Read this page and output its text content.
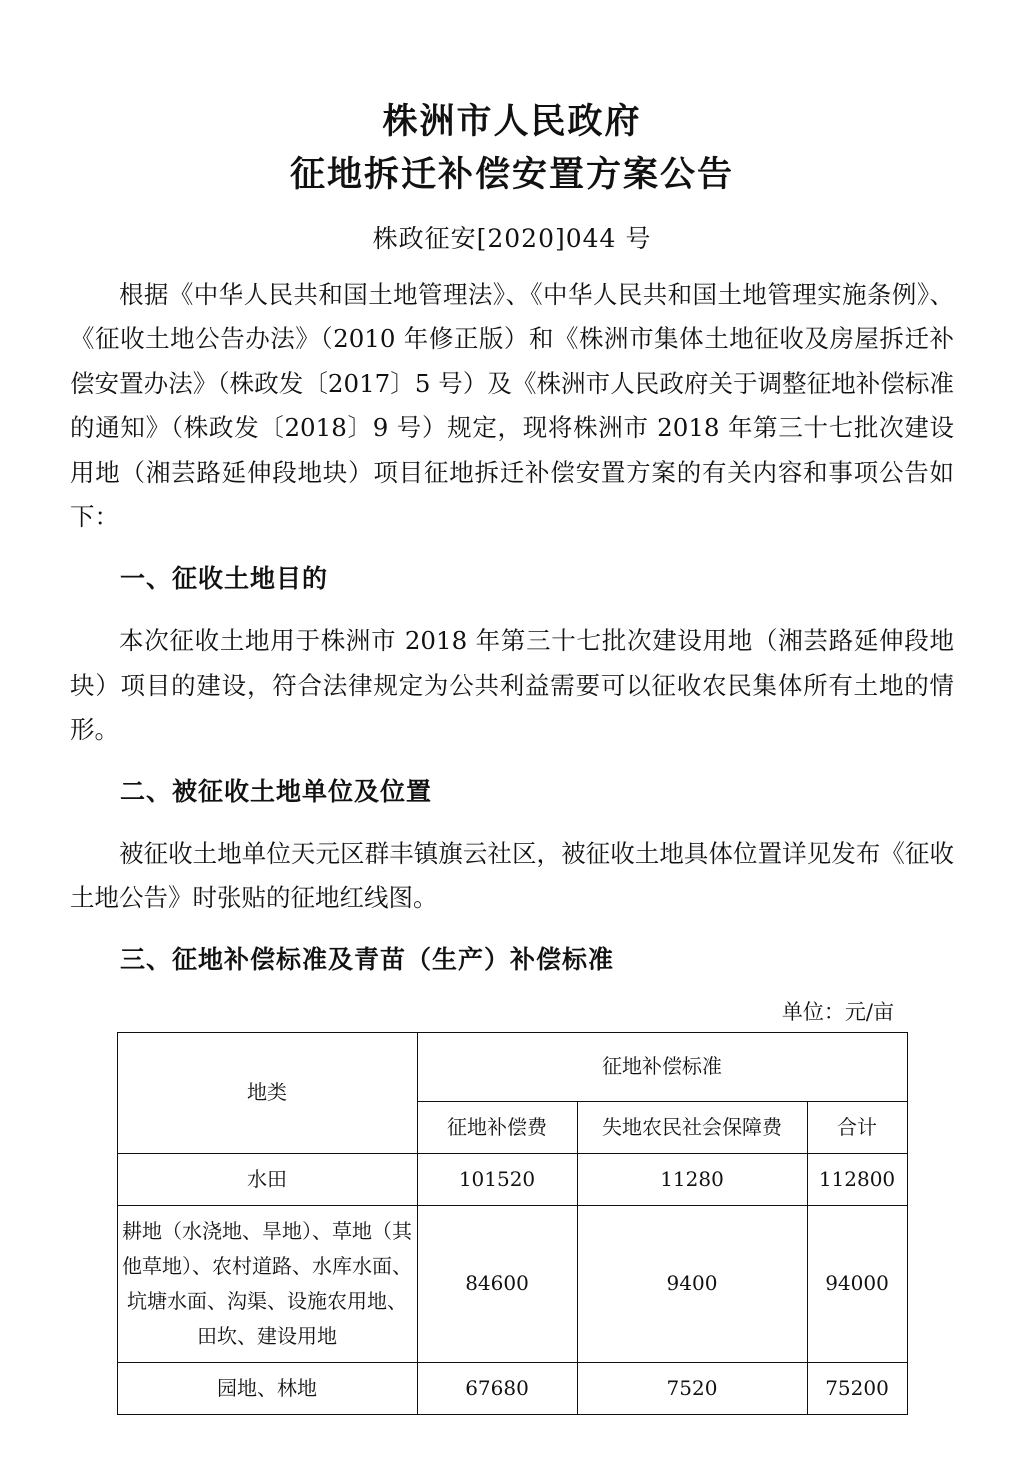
株洲市人民政府
征地拆迁补偿安置方案公告
株政征安[2020]044 号

根据《中华人民共和国土地管理法》、《中华人民共和国土地管理实施条例》、《征收土地公告办法》（2010 年修正版）和《株洲市集体土地征收及房屋拆迁补偿安置办法》（株政发〔2017〕5 号）及《株洲市人民政府关于调整征地补偿标准的通知》（株政发〔2018〕9 号）规定，现将株洲市 2018 年第三十七批次建设用地（湘芸路延伸段地块）项目征地拆迁补偿安置方案的有关内容和事项公告如下：

一、征收土地目的

本次征收土地用于株洲市 2018 年第三十七批次建设用地（湘芸路延伸段地块）项目的建设，符合法律规定为公共利益需要可以征收农民集体所有土地的情形。

二、被征收土地单位及位置

被征收土地单位天元区群丰镇旗云社区，被征收土地具体位置详见发布《征收土地公告》时张贴的征地红线图。

三、征地补偿标准及青苗（生产）补偿标准
单位：元/亩
地类	征地补偿标准		
	征地补偿费	失地农民社会保障费	合计
水田	101520	11280	112800
耕地（水浇地、旱地）、草地（其他草地）、农村道路、水库水面、坑塘水面、沟渠、设施农用地、田坎、建设用地	84600	9400	94000
园地、林地	67680	7520	75200
